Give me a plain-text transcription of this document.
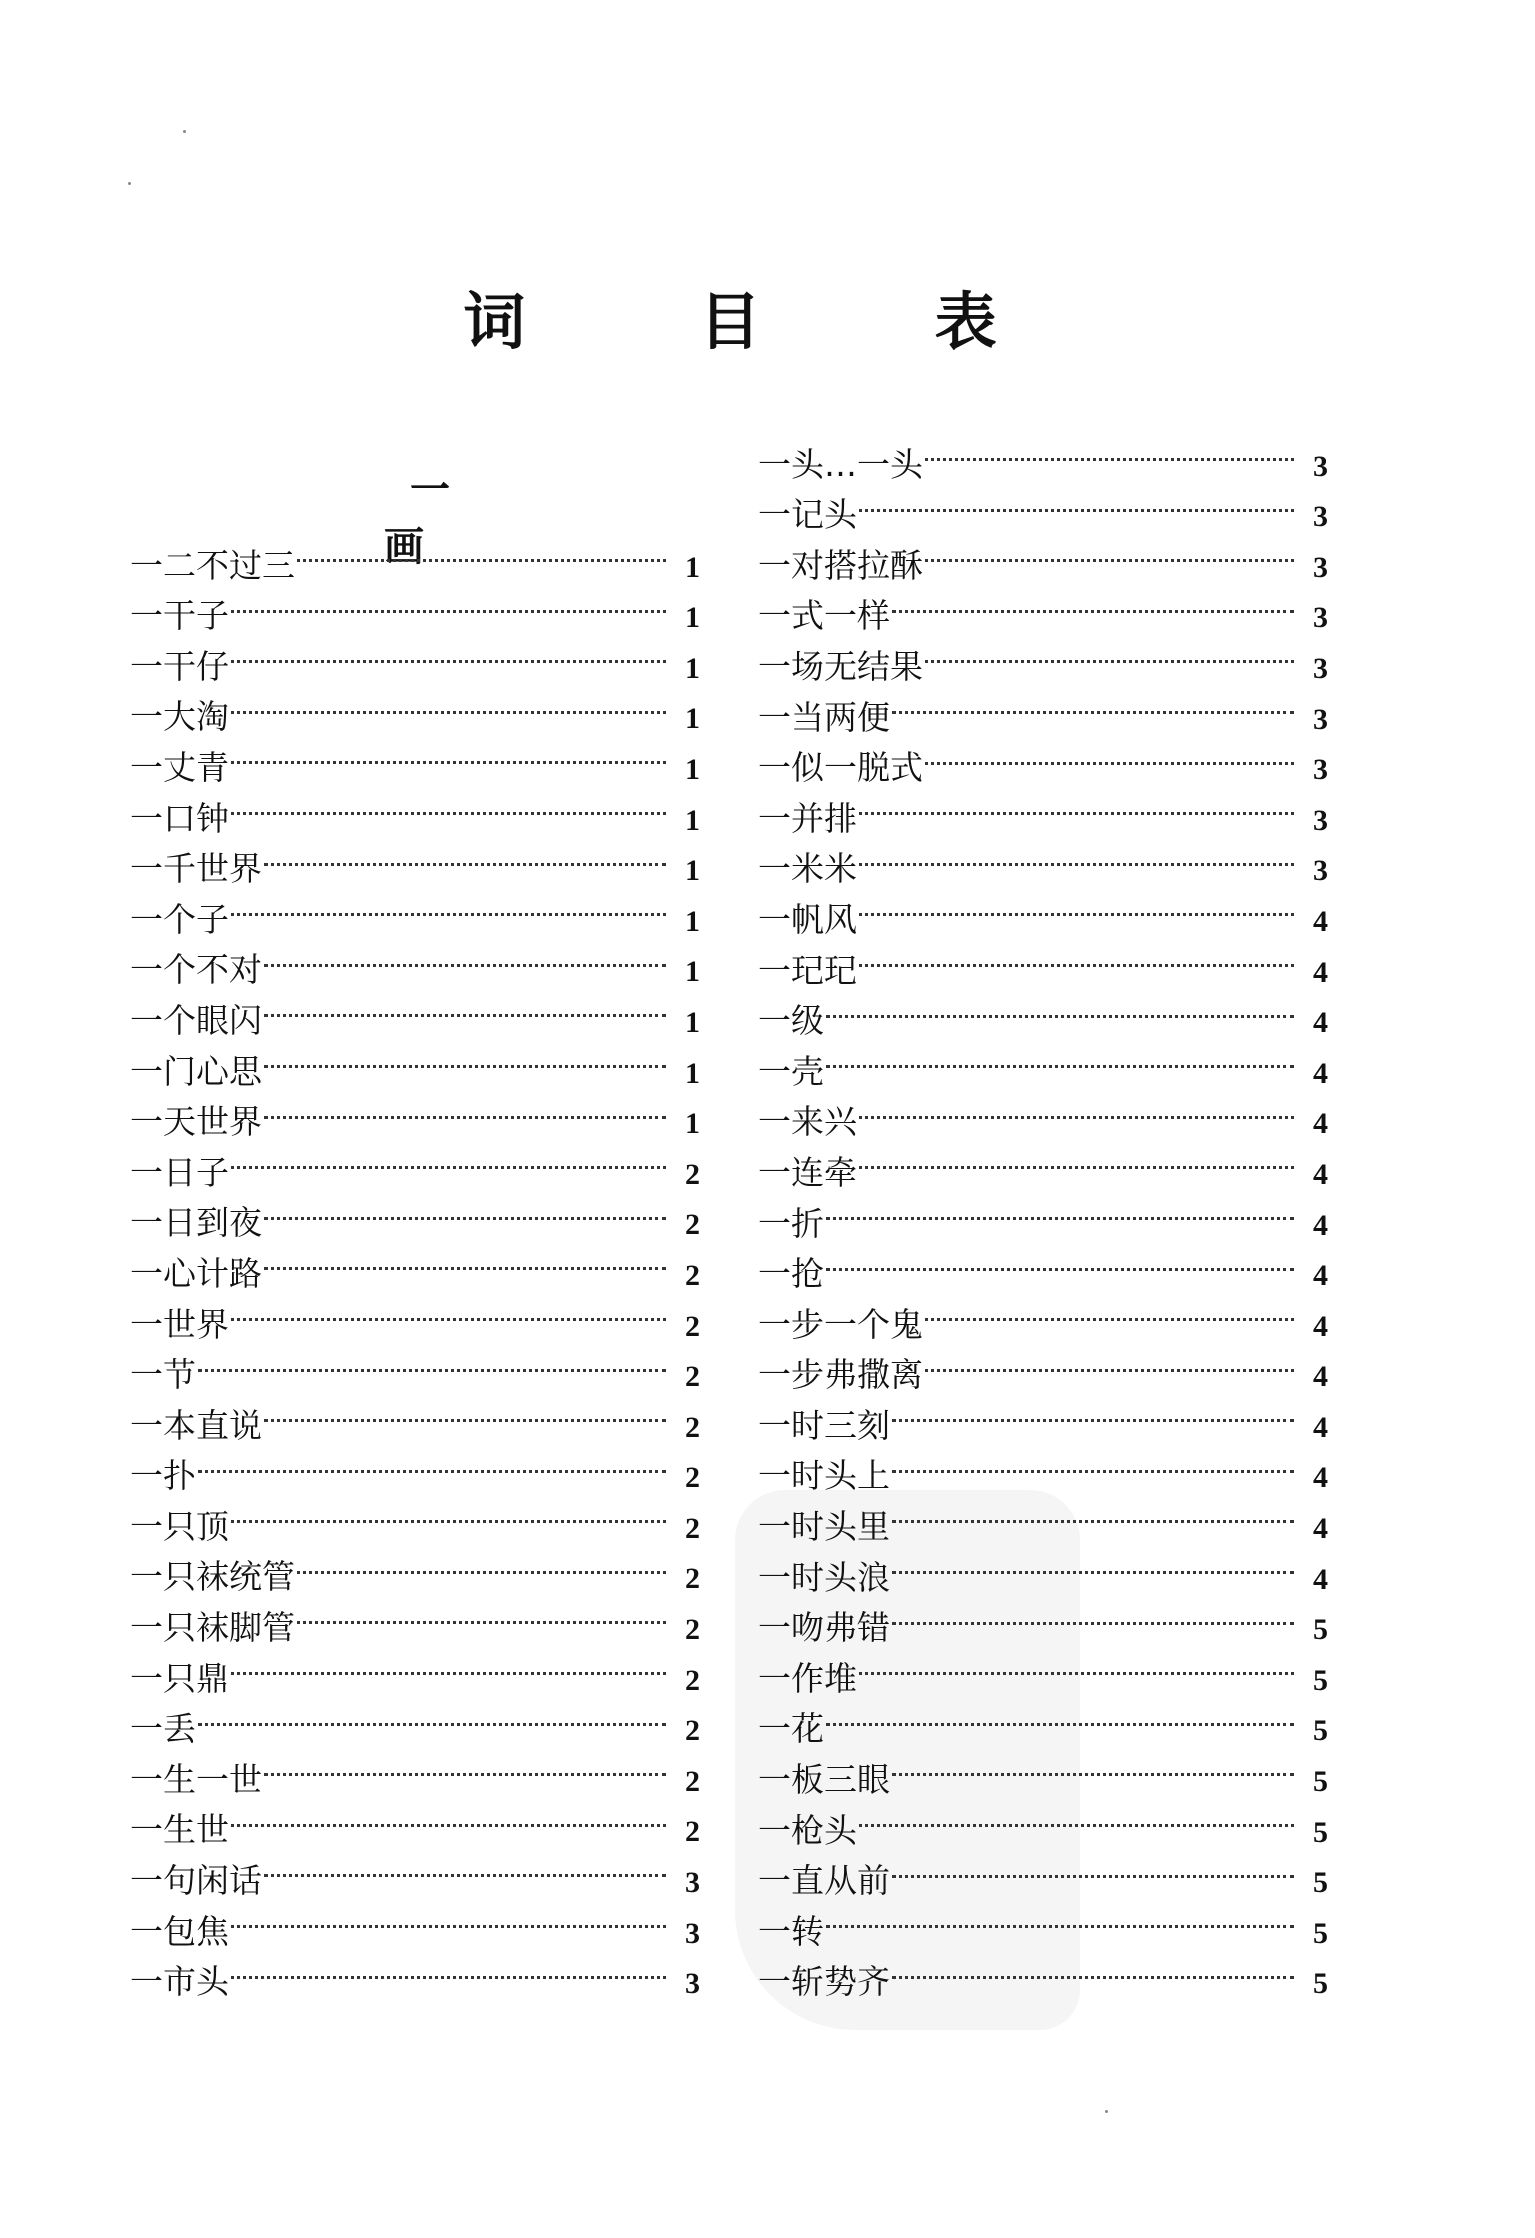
词 目 表
一 画
一二不过三	1
一干子	1
一干仔	1
一大淘	1
一丈青	1
一口钟	1
一千世界	1
一个子	1
一个不对	1
一个眼闪	1
一门心思	1
一天世界	1
一日子	2
一日到夜	2
一心计路	2
一世界	2
一节	2
一本直说	2
一扑	2
一只顶	2
一只袜统管	2
一只袜脚管	2
一只鼎	2
一丢	2
一生一世	2
一生世	2
一句闲话	3
一包焦	3
一市头	3
一头…一头	3
一记头	3
一对搭拉酥	3
一式一样	3
一场无结果	3
一当两便	3
一似一脱式	3
一并排	3
一米米	3
一帆风	4
一玘玘	4
一级	4
一壳	4
一来兴	4
一连牵	4
一折	4
一抢	4
一步一个鬼	4
一步弗撒离	4
一时三刻	4
一时头上	4
一时头里	4
一时头浪	4
一吻弗错	5
一作堆	5
一花	5
一板三眼	5
一枪头	5
一直从前	5
一转	5
一斩势齐	5
